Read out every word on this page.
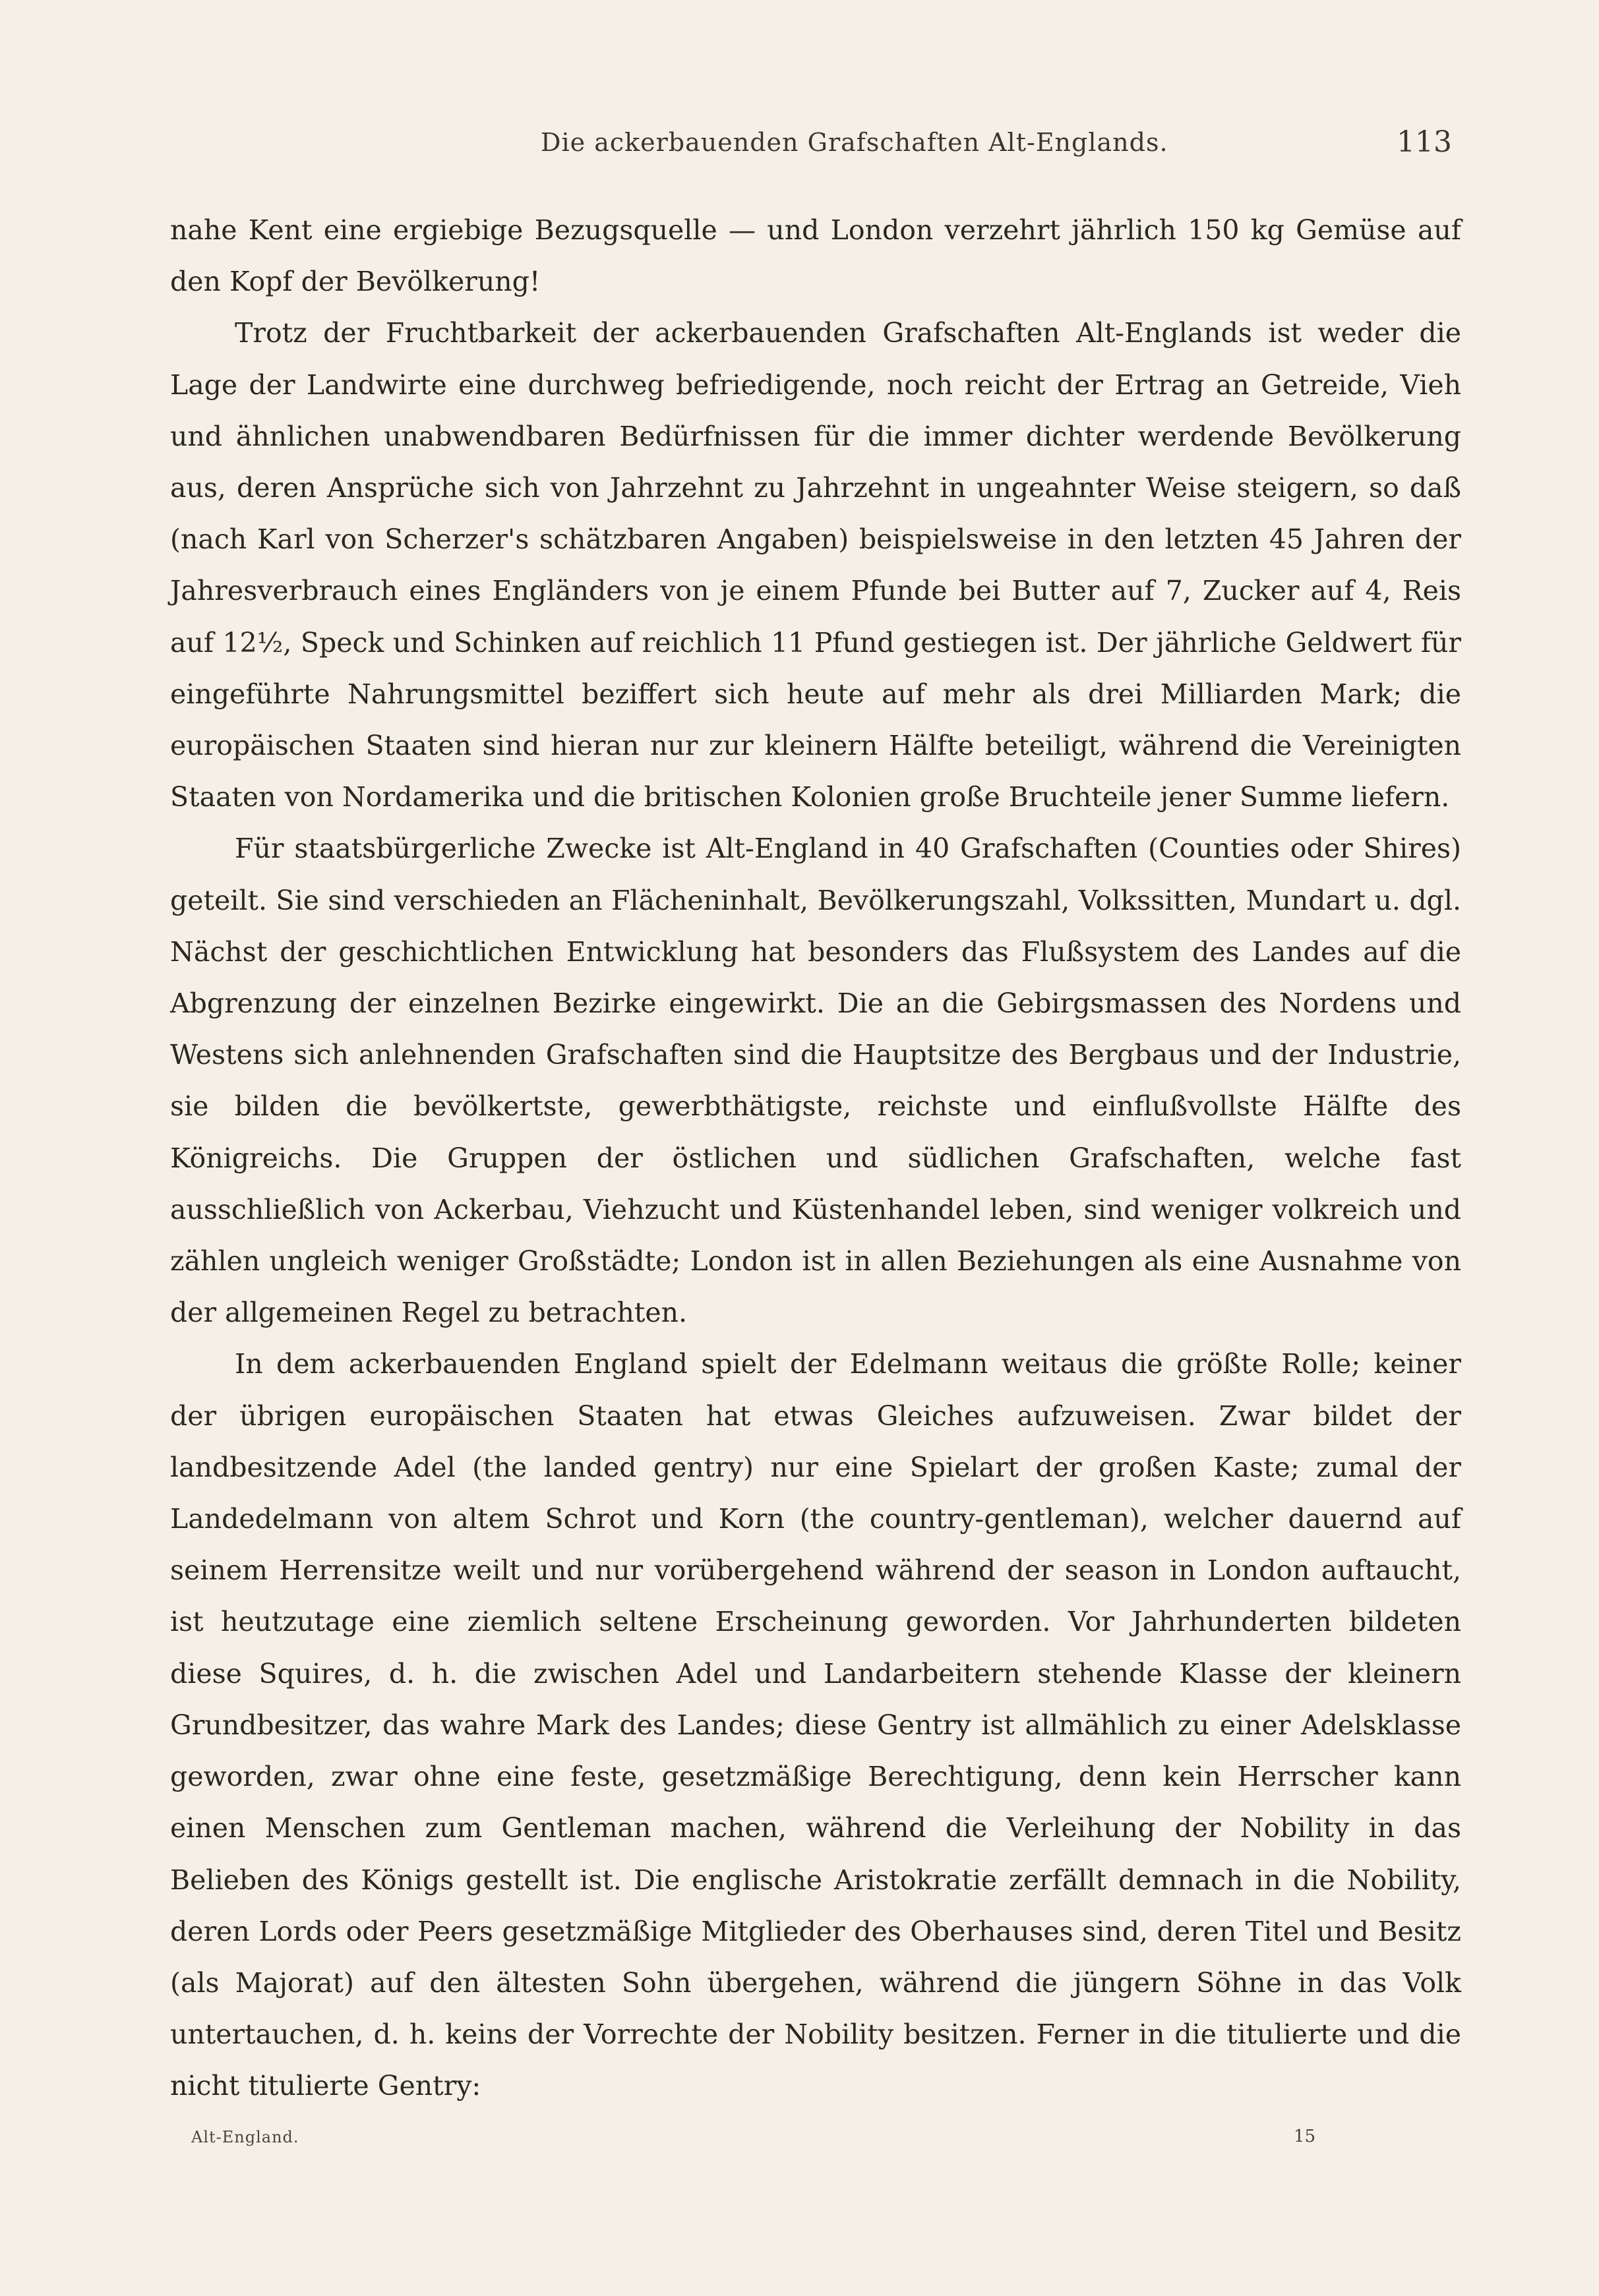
Die ackerbauenden Grafschaften Alt-Englands.	113

nahe Kent eine ergiebige Bezugsquelle — und London verzehrt jährlich 150 kg Gemüse auf den Kopf der Bevölkerung!

Trotz der Fruchtbarkeit der ackerbauenden Grafschaften Alt-Englands ist weder die Lage der Landwirte eine durchweg befriedigende, noch reicht der Ertrag an Getreide, Vieh und ähnlichen unabwendbaren Bedürfnissen für die immer dichter werdende Bevölkerung aus, deren Ansprüche sich von Jahrzehnt zu Jahrzehnt in ungeahnter Weise steigern, so daß (nach Karl von Scherzer's schätzbaren Angaben) beispielsweise in den letzten 45 Jahren der Jahresverbrauch eines Engländers von je einem Pfunde bei Butter auf 7, Zucker auf 4, Reis auf 12½, Speck und Schinken auf reichlich 11 Pfund gestiegen ist. Der jährliche Geldwert für eingeführte Nahrungsmittel beziffert sich heute auf mehr als drei Milliarden Mark; die europäischen Staaten sind hieran nur zur kleinern Hälfte beteiligt, während die Vereinigten Staaten von Nordamerika und die britischen Kolonien große Bruchteile jener Summe liefern.

Für staatsbürgerliche Zwecke ist Alt-England in 40 Grafschaften (Counties oder Shires) geteilt. Sie sind verschieden an Flächeninhalt, Bevölkerungszahl, Volkssitten, Mundart u. dgl. Nächst der geschichtlichen Entwicklung hat besonders das Flußsystem des Landes auf die Abgrenzung der einzelnen Bezirke eingewirkt. Die an die Gebirgsmassen des Nordens und Westens sich anlehnenden Grafschaften sind die Hauptsitze des Bergbaus und der Industrie, sie bilden die bevölkertste, gewerbthätigste, reichste und einflußvollste Hälfte des Königreichs. Die Gruppen der östlichen und südlichen Grafschaften, welche fast ausschließlich von Ackerbau, Viehzucht und Küstenhandel leben, sind weniger volkreich und zählen ungleich weniger Großstädte; London ist in allen Beziehungen als eine Ausnahme von der allgemeinen Regel zu betrachten.

In dem ackerbauenden England spielt der Edelmann weitaus die größte Rolle; keiner der übrigen europäischen Staaten hat etwas Gleiches aufzuweisen. Zwar bildet der landbesitzende Adel (the landed gentry) nur eine Spielart der großen Kaste; zumal der Landedelmann von altem Schrot und Korn (the country-gentleman), welcher dauernd auf seinem Herrensitze weilt und nur vorübergehend während der season in London auftaucht, ist heutzutage eine ziemlich seltene Erscheinung geworden. Vor Jahrhunderten bildeten diese Squires, d. h. die zwischen Adel und Landarbeitern stehende Klasse der kleinern Grundbesitzer, das wahre Mark des Landes; diese Gentry ist allmählich zu einer Adelsklasse geworden, zwar ohne eine feste, gesetzmäßige Berechtigung, denn kein Herrscher kann einen Menschen zum Gentleman machen, während die Verleihung der Nobility in das Belieben des Königs gestellt ist. Die englische Aristokratie zerfällt demnach in die Nobility, deren Lords oder Peers gesetzmäßige Mitglieder des Oberhauses sind, deren Titel und Besitz (als Majorat) auf den ältesten Sohn übergehen, während die jüngern Söhne in das Volk untertauchen, d. h. keins der Vorrechte der Nobility besitzen. Ferner in die titulierte und die nicht titulierte Gentry:

Alt-England.	15
